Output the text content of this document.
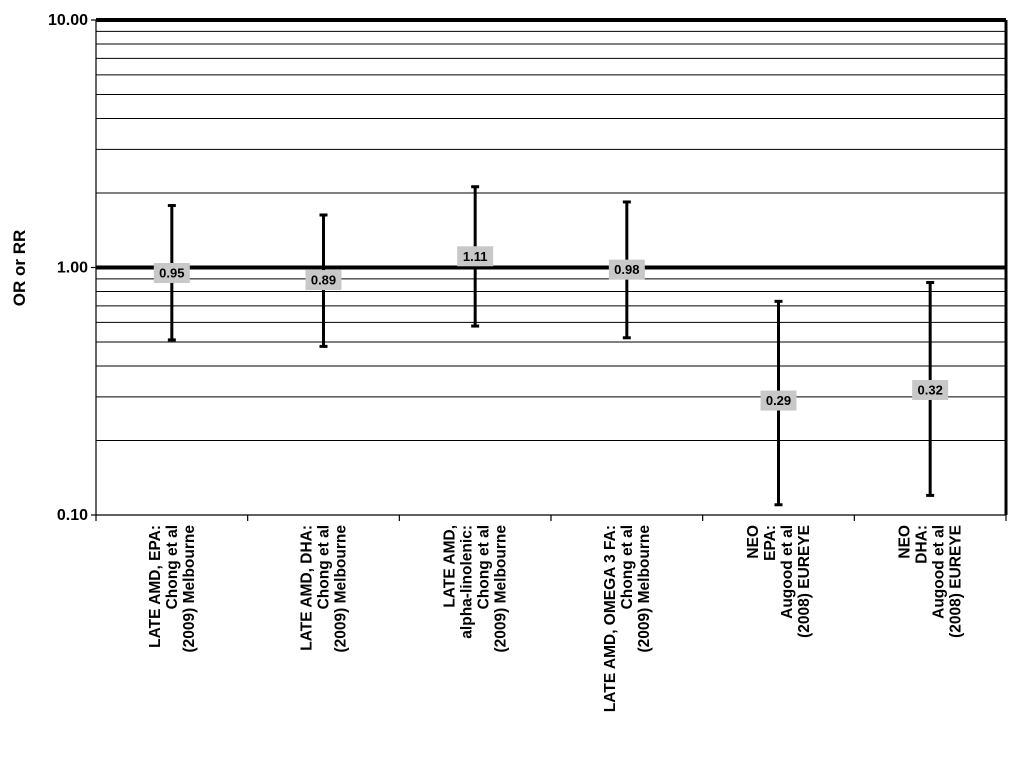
0.10
1.00
10.00
0.95	0.89
1.11
0.98
0.29
0.32
LATE AMD, EPA: Chong et al (2009) Melbourne	LATE AMD, DHA: Chong et al (2009) Melbourne	LATE AMD, alpha-linolenic: Chong et al (2009) Melbourne	LATE AMD, OMEGA 3 FA: Chong et al (2009) Melbourne	NEO EPA: Augood et al (2008) EUREYE	NEO DHA: Augood et al (2008) EUREYE
OR or RR
